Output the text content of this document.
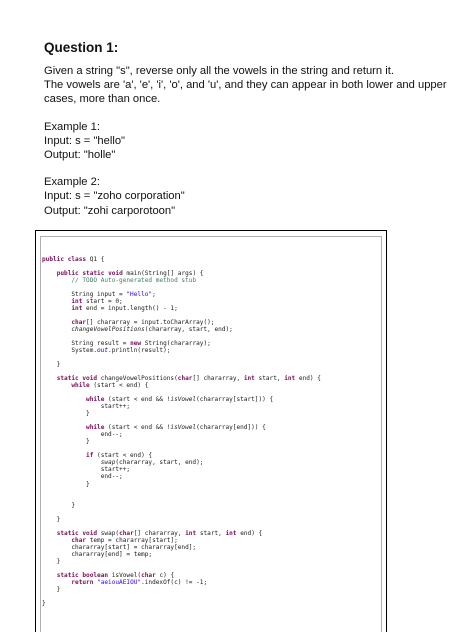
Question 1:
Given a string "s", reverse only all the vowels in the string and return it.
The vowels are 'a', 'e', 'i', 'o', and 'u', and they can appear in both lower and upper
cases, more than once.
Example 1:
Input: s = "hello"
Output: "holle"
Example 2:
Input: s = "zoho corporation"
Output: "zohi carporotoon"
public class Q1 {
public static void main(String[] args) {
// TODO Auto-generated method stub
String input = "Hello";
int start = 0;
int end = input.length() - 1;
char[] chararray = input.toCharArray();
changeVowelPositions(chararray, start, end);
String result = new String(chararray);
System.out.println(result);
}
static void changeVowelPositions(char[] chararray, int start, int end) {
while (start < end) {
while (start < end && !isVowel(chararray[start])) {
start++;
}
while (start < end && !isVowel(chararray[end])) {
end--;
}
if (start < end) {
swap(chararray, start, end);
start++;
end--;
}
}
}
static void swap(char[] chararray, int start, int end) {
char temp = chararray[start];
chararray[start] = chararray[end];
chararray[end] = temp;
}
static boolean isVowel(char c) {
return "aeiouAEIOU".indexOf(c) != -1;
}
}
